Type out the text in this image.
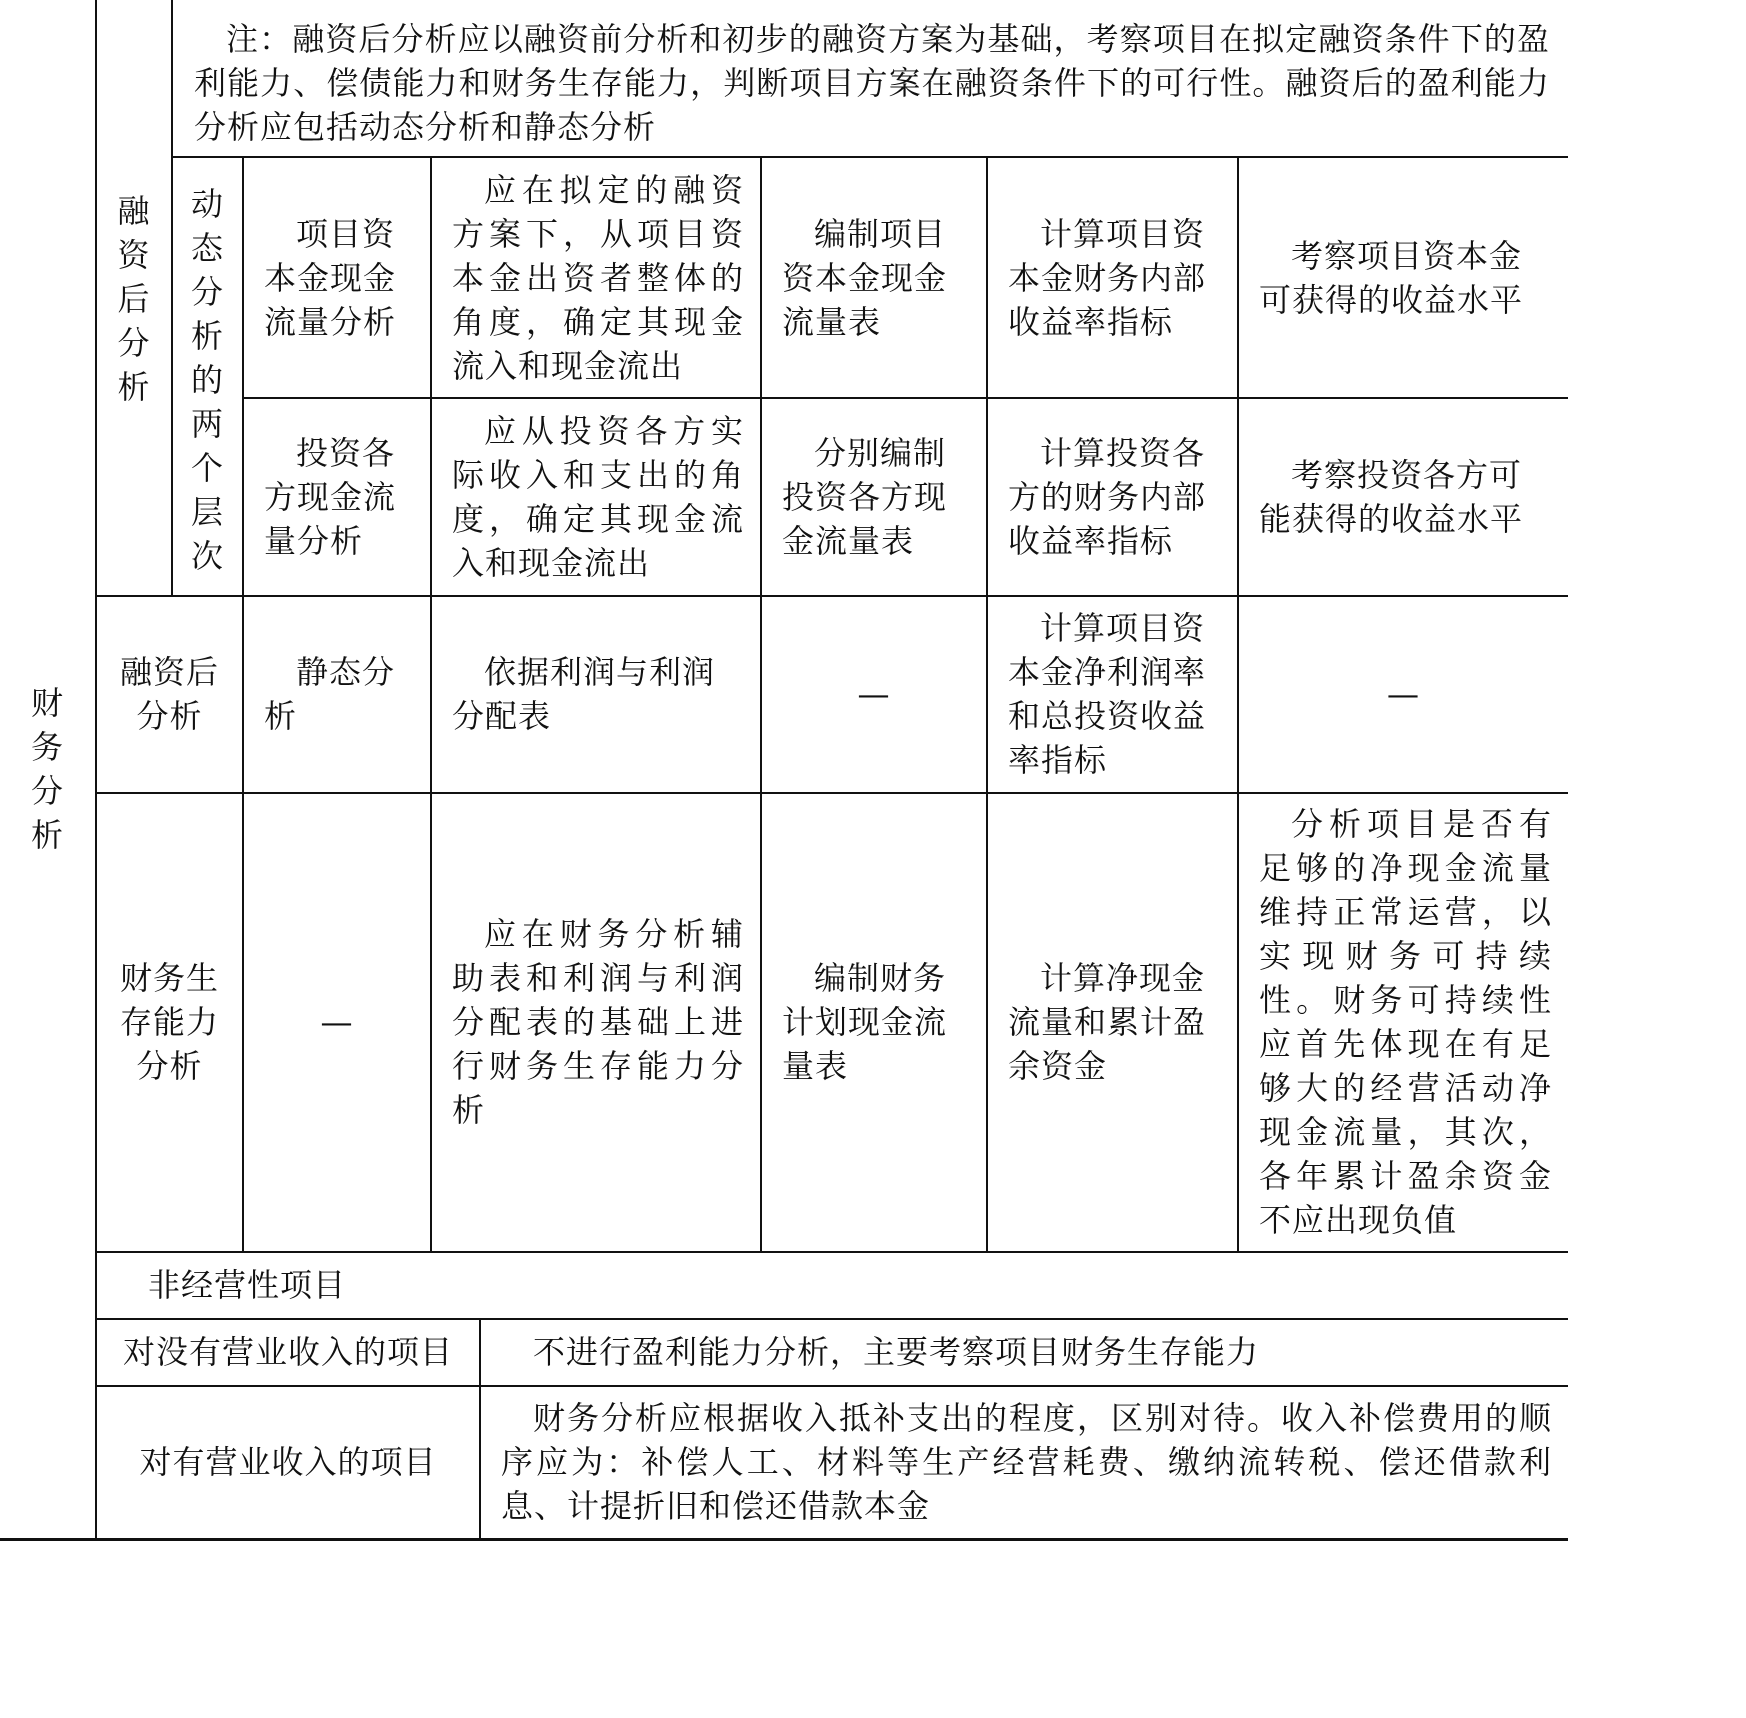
财
务
分
析
融
资
后
分
析
注：融资后分析应以融资前分析和初步的融资方案为基础，考察项目在拟定融资条件下的盈利能力、偿债能力和财务生存能力，判断项目方案在融资条件下的可行性。融资后的盈利能力分析应包括动态分析和静态分析
动
态
分
析
的
两
个
层
次
项目资
本金现金
流量分析
应在拟定的融资方案下，从项目资本金出资者整体的角度，确定其现金流入和现金流出
编制项目
资本金现金
流量表
计算项目资
本金财务内部
收益率指标
考察项目资本金
可获得的收益水平
投资各
方现金流
量分析
应从投资各方实际收入和支出的角度，确定其现金流入和现金流出
分别编制
投资各方现
金流量表
计算投资各
方的财务内部
收益率指标
考察投资各方可
能获得的收益水平
融资后
分析
静态分
析
依据利润与利润
分配表
—
计算项目资
本金净利润率
和总投资收益
率指标
—
财务生
存能力
分析
—
应在财务分析辅助表和利润与利润分配表的基础上进行财务生存能力分析
编制财务
计划现金流
量表
计算净现金
流量和累计盈
余资金
分析项目是否有足够的净现金流量维持正常运营，以实现财务可持续性。财务可持续性应首先体现在有足够大的经营活动净现金流量，其次，各年累计盈余资金不应出现负值
非经营性项目
对没有营业收入的项目	不进行盈利能力分析，主要考察项目财务生存能力
对有营业收入的项目
财务分析应根据收入抵补支出的程度，区别对待。收入补偿费用的顺序应为：补偿人工、材料等生产经营耗费、缴纳流转税、偿还借款利息、计提折旧和偿还借款本金
